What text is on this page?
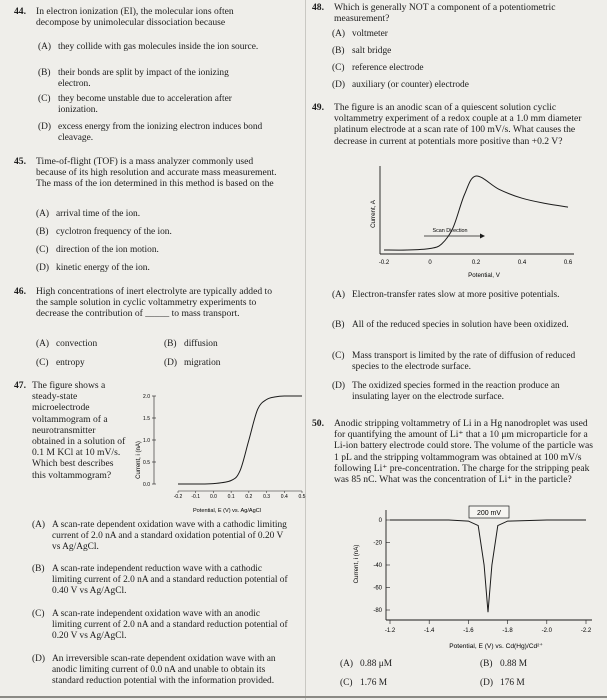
44. In electron ionization (EI), the molecular ions often decompose by unimolecular dissociation because
(A) they collide with gas molecules inside the ion source.
(B) their bonds are split by impact of the ionizing electron.
(C) they become unstable due to acceleration after ionization.
(D) excess energy from the ionizing electron induces bond cleavage.
45. Time-of-flight (TOF) is a mass analyzer commonly used because of its high resolution and accurate mass measurement. The mass of the ion determined in this method is based on the
(A) arrival time of the ion.
(B) cyclotron frequency of the ion.
(C) direction of the ion motion.
(D) kinetic energy of the ion.
46. High concentrations of inert electrolyte are typically added to the sample solution in cyclic voltammetry experiments to decrease the contribution of _____ to mass transport.
(A) convection	(B) diffusion
(C) entropy	(D) migration
47. The figure shows a steady-state microelectrode voltammogram of a neurotransmitter obtained in a solution of 0.1 M KCl at 10 mV/s. Which best describes this voltammogram?	Current, i (nA)
0.0
0.5
1.0
1.5
2.0
-0.2 -0.1 0.0 0.1 0.2 0.3 0.4 0.5
Potential, E (V) vs. Ag/AgCl
(A) A scan-rate dependent oxidation wave with a cathodic limiting current of 2.0 nA and a standard oxidation potential of 0.20 V vs Ag/AgCl.
(B) A scan-rate independent reduction wave with a cathodic limiting current of 2.0 nA and a standard reduction potential of 0.40 V vs Ag/AgCl.
(C) A scan-rate independent oxidation wave with an anodic limiting current of 2.0 nA and a standard reduction potential of 0.20 V vs Ag/AgCl.
(D) An irreversible scan-rate dependent oxidation wave with an anodic limiting current of 0.0 nA and unable to obtain its standard reduction potential with the information provided.
48. Which is generally NOT a component of a potentiometric measurement?
(A) voltmeter
(B) salt bridge
(C) reference electrode
(D) auxiliary (or counter) electrode
49. The figure is an anodic scan of a quiescent solution cyclic voltammetry experiment of a redox couple at a 1.0 mm diameter platinum electrode at a scan rate of 100 mV/s. What causes the decrease in current at potentials more positive than +0.2 V?
Current, A
-0.2	0	0.2	0.4	0.6
Scan Direction
Potential, V
(A) Electron-transfer rates slow at more positive potentials.
(B) All of the reduced species in solution have been oxidized.
(C) Mass transport is limited by the rate of diffusion of reduced species to the electrode surface.
(D) The oxidized species formed in the reaction produce an insulating layer on the electrode surface.
50. Anodic stripping voltammetry of Li in a Hg nanodroplet was used for quantifying the amount of Li⁺ that a 10 μm microparticle for a Li-ion battery electrode could store. The volume of the particle was 1 pL and the stripping voltammogram was obtained at 100 mV/s following Li⁺ pre-concentration. The charge for the stripping peak was 85 nC. What was the concentration of Li⁺ in the particle?
Current, i (nA)
0
-20
-40
-60
-80
-1.2	-1.4	-1.6	-1.8	-2.0	-2.2
200 mV
Potential, E (V) vs. Cd(Hg)/Cd²⁺
(A) 0.88 μM	(B) 0.88 M
(C) 1.76 M	(D) 176 M
